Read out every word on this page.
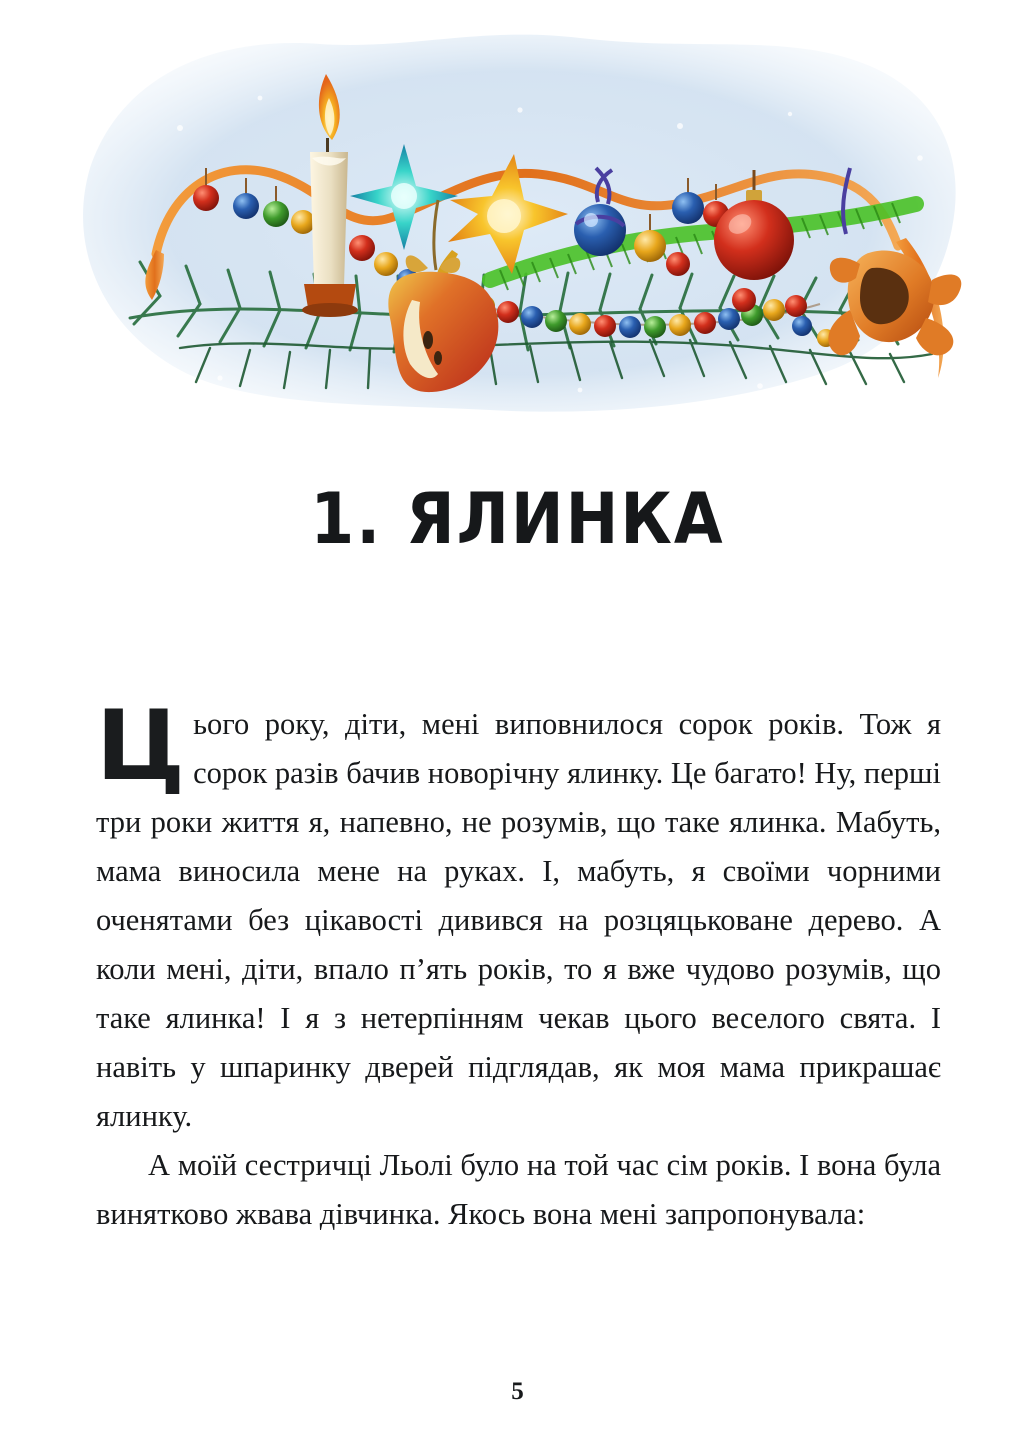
1. ЯЛИНКА

Цього року, діти, мені виповнилося сорок років. Тож я сорок разів бачив новорічну ялинку. Це багато! Ну, перші три роки життя я, напевно, не розумів, що таке ялинка. Мабуть, мама виносила мене на руках. І, мабуть, я своїми чорними оченятами без цікавості дивився на розцяцьковане дерево. А коли мені, діти, впало п’ять років, то я вже чудово розумів, що таке ялинка! І я з нетерпінням чекав цього веселого свята. І навіть у шпаринку дверей підглядав, як моя мама прикрашає ялинку.

А моїй сестричці Льолі було на той час сім років. І вона була винятково жвава дівчинка. Якось вона мені запропонувала:

5
